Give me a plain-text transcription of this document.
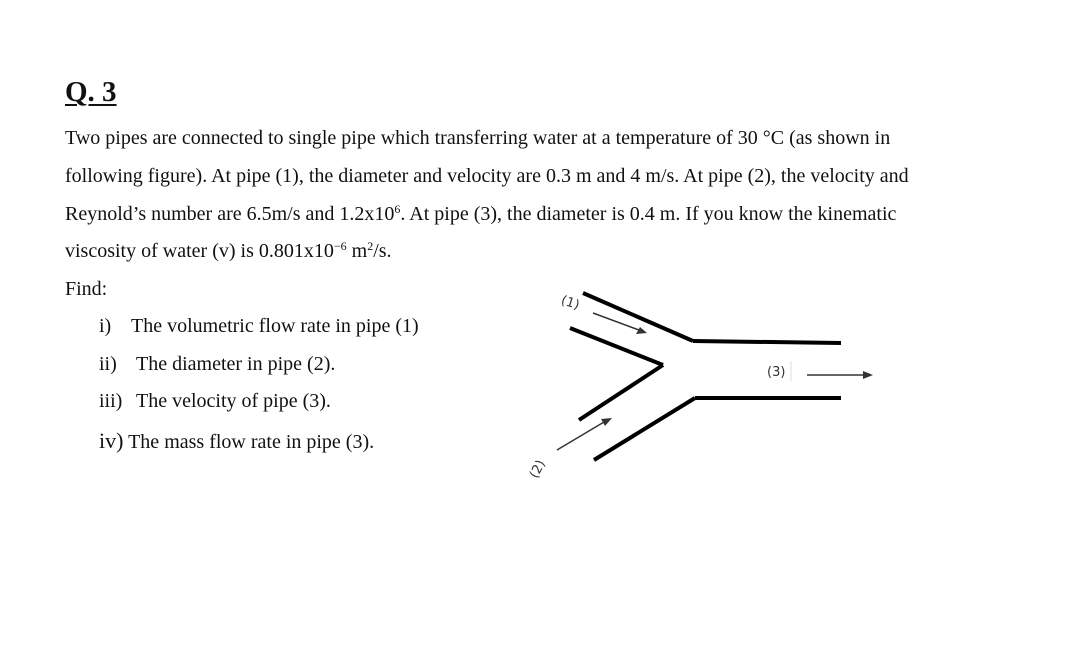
Q. 3
Two pipes are connected to single pipe which transferring water at a temperature of 30 °C (as shown in
following figure). At pipe (1), the diameter and velocity are 0.3 m and 4 m/s. At pipe (2), the velocity and
Reynold’s number are 6.5m/s and $1.2x10^6$. At pipe (3), the diameter is 0.4 m. If you know the kinematic
viscosity of water (v) is $0.801x10^{-6}$ $m^2/s$.
Find:
i) The volumetric flow rate in pipe (1)
ii) The diameter in pipe (2).
iii) The velocity of pipe (3).
iv) The mass flow rate in pipe (3).
(1)
(2)
(3)
